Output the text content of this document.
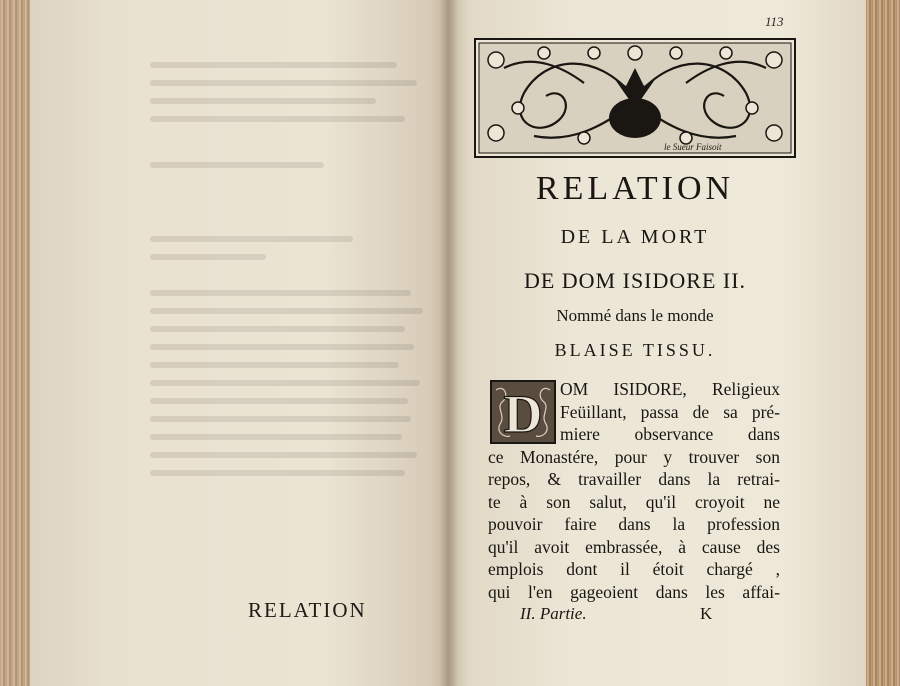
RELATION
113
le Sueur Faisoit
RELATION
DE LA MORT
DE DOM ISIDORE II.
Nommé dans le monde
BLAISE TISSU.
OM ISIDORE, Religieux
Feüillant, passa de sa pré-
miere observance dans
ce Monastére, pour y trouver son
repos, & travailler dans la retrai-
te à son salut, qu'il croyoit ne
pouvoir faire dans la profession
qu'il avoit embrassée, à cause des
emplois dont il étoit chargé ,
qui l'en gageoient dans les affai-
D
II. Partie.	K
